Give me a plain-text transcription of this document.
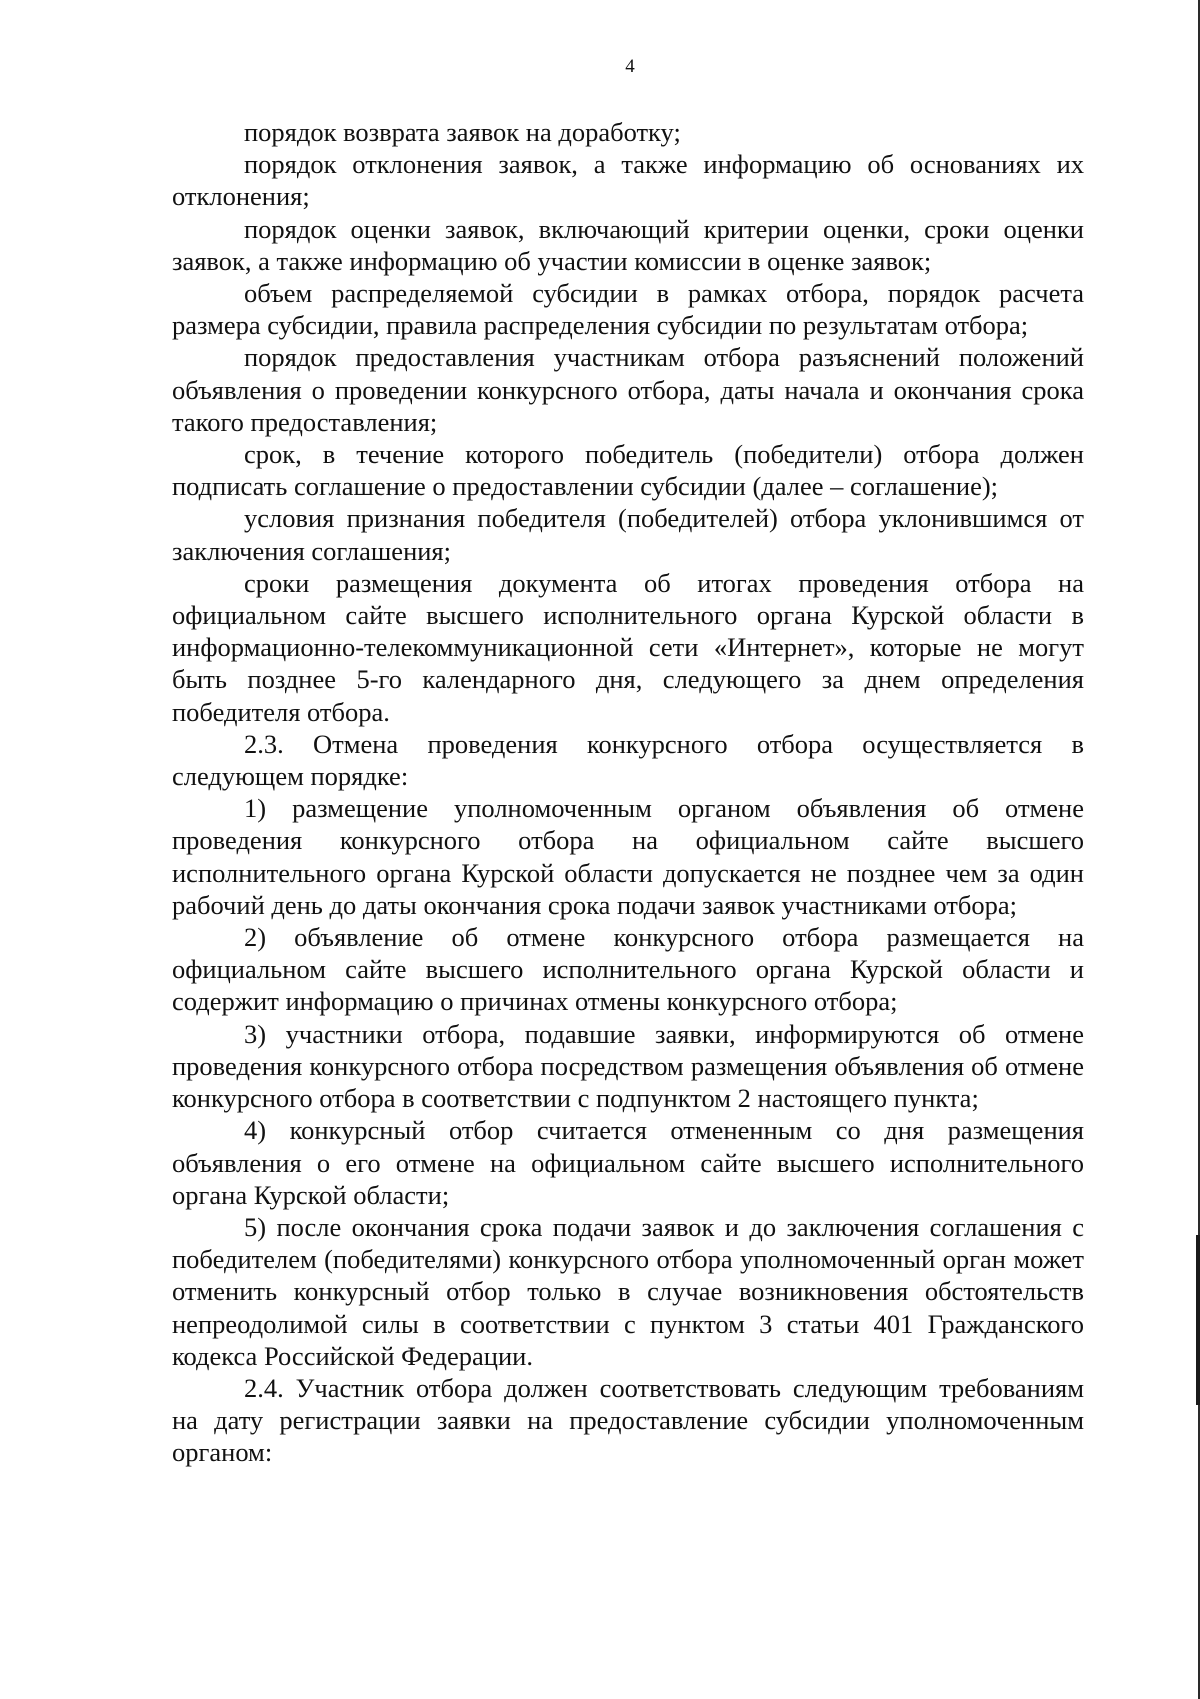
4

порядок возврата заявок на доработку;

порядок отклонения заявок, а также информацию об основаниях их отклонения;

порядок оценки заявок, включающий критерии оценки, сроки оценки заявок, а также информацию об участии комиссии в оценке заявок;

объем распределяемой субсидии в рамках отбора, порядок расчета размера субсидии, правила распределения субсидии по результатам отбора;

порядок предоставления участникам отбора разъяснений положений объявления о проведении конкурсного отбора, даты начала и окончания срока такого предоставления;

срок, в течение которого победитель (победители) отбора должен подписать соглашение о предоставлении субсидии (далее – соглашение);

условия признания победителя (победителей) отбора уклонившимся от заключения соглашения;

сроки размещения документа об итогах проведения отбора на официальном сайте высшего исполнительного органа Курской области в информационно-телекоммуникационной сети «Интернет», которые не могут быть позднее 5-го календарного дня, следующего за днем определения победителя отбора.

2.3. Отмена проведения конкурсного отбора осуществляется в следующем порядке:

1) размещение уполномоченным органом объявления об отмене проведения конкурсного отбора на официальном сайте высшего исполнительного органа Курской области допускается не позднее чем за один рабочий день до даты окончания срока подачи заявок участниками отбора;

2) объявление об отмене конкурсного отбора размещается на официальном сайте высшего исполнительного органа Курской области и содержит информацию о причинах отмены конкурсного отбора;

3) участники отбора, подавшие заявки, информируются об отмене проведения конкурсного отбора посредством размещения объявления об отмене конкурсного отбора в соответствии с подпунктом 2 настоящего пункта;

4) конкурсный отбор считается отмененным со дня размещения объявления о его отмене на официальном сайте высшего исполнительного органа Курской области;

5) после окончания срока подачи заявок и до заключения соглашения с победителем (победителями) конкурсного отбора уполномоченный орган может отменить конкурсный отбор только в случае возникновения обстоятельств непреодолимой силы в соответствии с пунктом 3 статьи 401 Гражданского кодекса Российской Федерации.

2.4. Участник отбора должен соответствовать следующим требованиям на дату регистрации заявки на предоставление субсидии уполномоченным органом:
